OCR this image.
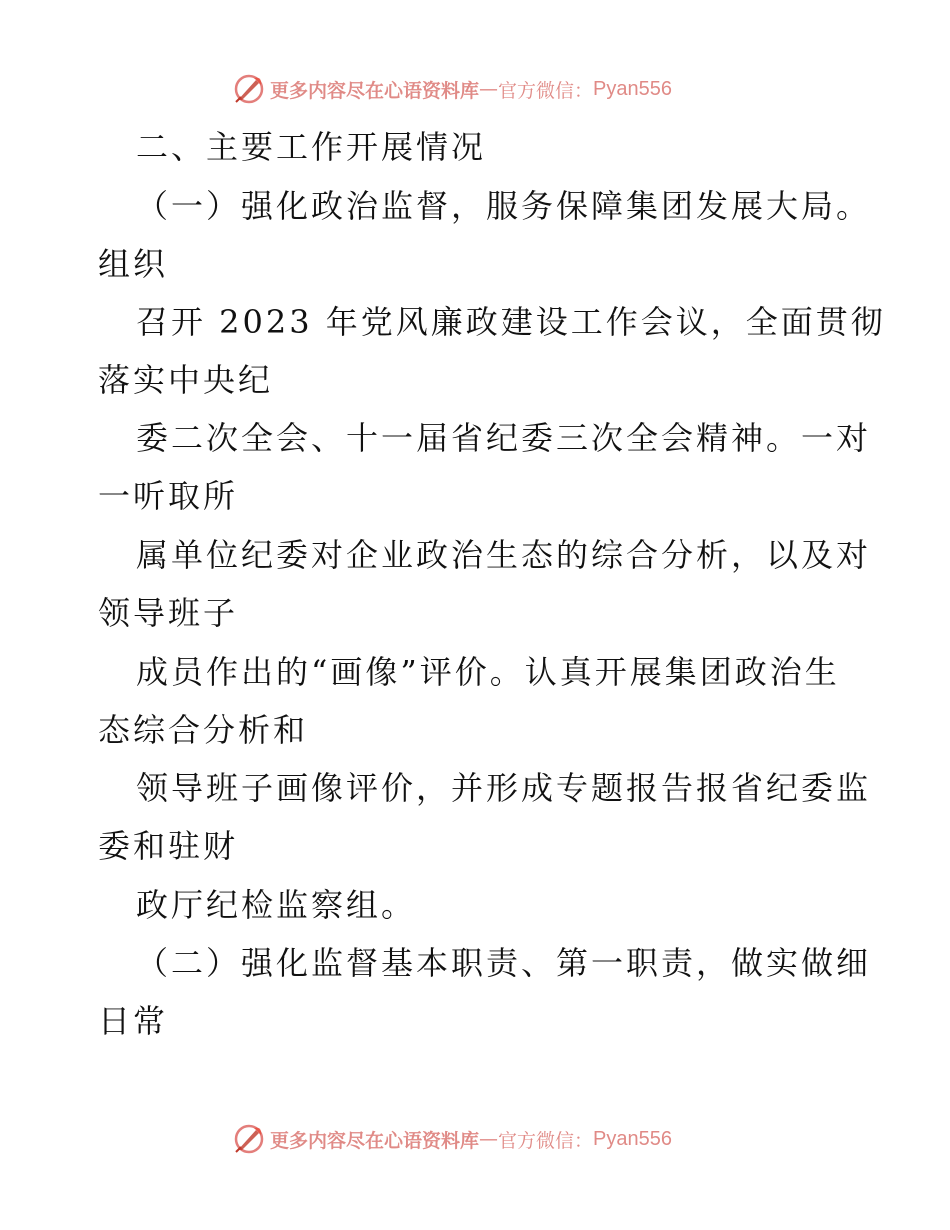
更多内容尽在心语资料库 — 官方微信： Pyan556
二、主要工作开展情况
（一）强化政治监督，服务保障集团发展大局。
组织
召开 2023 年党风廉政建设工作会议，全面贯彻
落实中央纪
委二次全会、十一届省纪委三次全会精神。一对
一听取所
属单位纪委对企业政治生态的综合分析，以及对
领导班子
成员作出的“画像”评价。认真开展集团政治生
态综合分析和
领导班子画像评价，并形成专题报告报省纪委监
委和驻财
政厅纪检监察组。
（二）强化监督基本职责、第一职责，做实做细
日常
更多内容尽在心语资料库 — 官方微信： Pyan556
